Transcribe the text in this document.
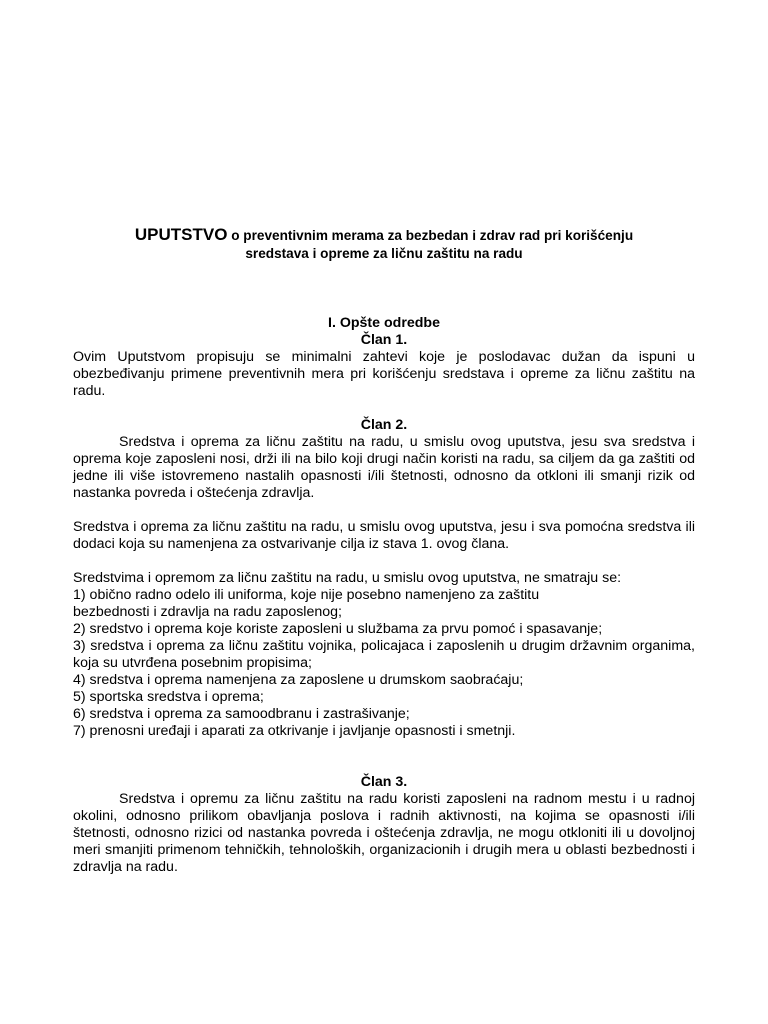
UPUTSTVO o preventivnim merama za bezbedan i zdrav rad pri korišćenju
sredstava i opreme za ličnu zaštitu na radu

I. Opšte odredbe
Član 1.

Ovim Uputstvom propisuju se minimalni zahtevi koje je poslodavac dužan da ispuni u obezbeđivanju primene preventivnih mera pri korišćenju sredstava i opreme za ličnu zaštitu na radu.

Član 2.

Sredstva i oprema za ličnu zaštitu na radu, u smislu ovog uputstva, jesu sva sredstva i oprema koje zaposleni nosi, drži ili na bilo koji drugi način koristi na radu, sa ciljem da ga zaštiti od jedne ili više istovremeno nastalih opasnosti i/ili štetnosti, odnosno da otkloni ili smanji rizik od nastanka povreda i oštećenja zdravlja.

Sredstva i oprema za ličnu zaštitu na radu, u smislu ovog uputstva, jesu i sva pomoćna sredstva ili dodaci koja su namenjena za ostvarivanje cilja iz stava 1. ovog člana.

Sredstvima i opremom za ličnu zaštitu na radu, u smislu ovog uputstva, ne smatraju se:

1) obično radno odelo ili uniforma, koje nije posebno namenjeno za zaštitu bezbednosti i zdravlja na radu zaposlenog;

2) sredstvo i oprema koje koriste zaposleni u službama za prvu pomoć i spasavanje;

3) sredstva i oprema za ličnu zaštitu vojnika, policajaca i zaposlenih u drugim državnim organima, koja su utvrđena posebnim propisima;

4) sredstva i oprema namenjena za zaposlene u drumskom saobraćaju;

5) sportska sredstva i oprema;

6) sredstva i oprema za samoodbranu i zastrašivanje;

7) prenosni uređaji i aparati za otkrivanje i javljanje opasnosti i smetnji.

Član 3.

Sredstva i opremu za ličnu zaštitu na radu koristi zaposleni na radnom mestu i u radnoj okolini, odnosno prilikom obavljanja poslova i radnih aktivnosti, na kojima se opasnosti i/ili štetnosti, odnosno rizici od nastanka povreda i oštećenja zdravlja, ne mogu otkloniti ili u dovoljnoj meri smanjiti primenom tehničkih, tehnoloških, organizacionih i drugih mera u oblasti bezbednosti i zdravlja na radu.
